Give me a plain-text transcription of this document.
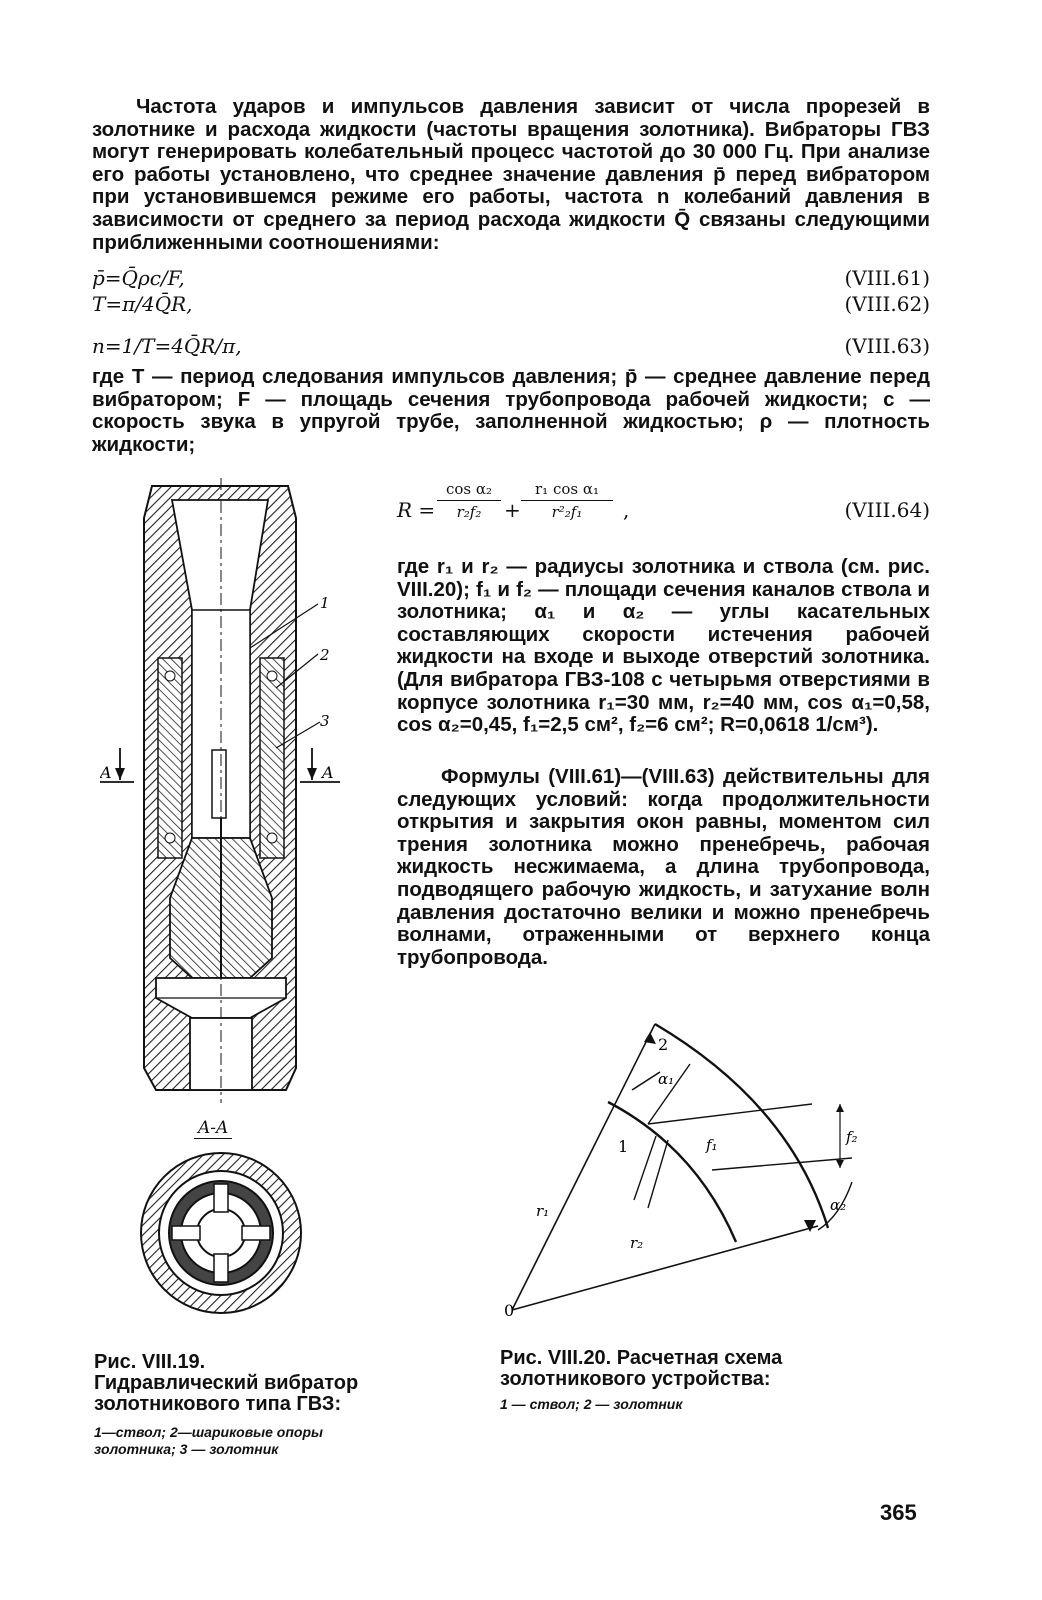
Частота ударов и импульсов давления зависит от числа прорезей в золотнике и расхода жидкости (частоты вращения золотника). Вибраторы ГВЗ могут генерировать колебательный процесс частотой до 30 000 Гц. При анализе его работы установлено, что среднее значение давления p̄ перед вибратором при установившемся режиме его работы, частота n колебаний давления в зависимости от среднего за период расхода жидкости Q̄ связаны следующими приближенными соотношениями:
p̄=Q̄ρc/F,	(VIII.61)
T=π/4Q̄R,	(VIII.62)
n=1/T=4Q̄R/π,	(VIII.63)
где T — период следования импульсов давления; p̄ — среднее давление перед вибратором; F — площадь сечения трубопровода рабочей жидкости; c — скорость звука в упругой трубе, заполненной жидкостью; ρ — плотность жидкости;
$R = \frac{\text{cos α₂}}{\text{r₂f₂}} + \frac{\text{r₁ cos α₁}}{\text{r²₂f₁}}$ ,	(VIII.64)
где r₁ и r₂ — радиусы золотника и ствола (см. рис. VIII.20); f₁ и f₂ — площади сечения каналов ствола и золотника; α₁ и α₂ — углы касательных составляющих скорости истечения рабочей жидкости на входе и выходе отверстий золотника. (Для вибратора ГВЗ-108 с четырьмя отверстиями в корпусе золотника r₁=30 мм, r₂=40 мм, cos α₁=0,58, cos α₂=0,45, f₁=2,5 см², f₂=6 см²; R=0,0618 1/см³).
Формулы (VIII.61)—(VIII.63) действительны для следующих условий: когда продолжительности открытия и закрытия окон равны, моментом сил трения золотника можно пренебречь, рабочая жидкость несжимаема, а длина трубопровода, подводящего рабочую жидкость, и затухание волн давления достаточно велики и можно пренебречь волнами, отраженными от верхнего конца трубопровода.
1
2
3
A	A
A-A
Рис. VIII.19. Гидравлический вибратор золотникового типа ГВЗ:
1—ствол; 2—шариковые опоры золотника; 3 — золотник
2
1
α₁
f₁	f₂
α₂
r₁
r₂
0
Рис. VIII.20. Расчетная схема золотникового устройства:
1 — ствол; 2 — золотник
365
